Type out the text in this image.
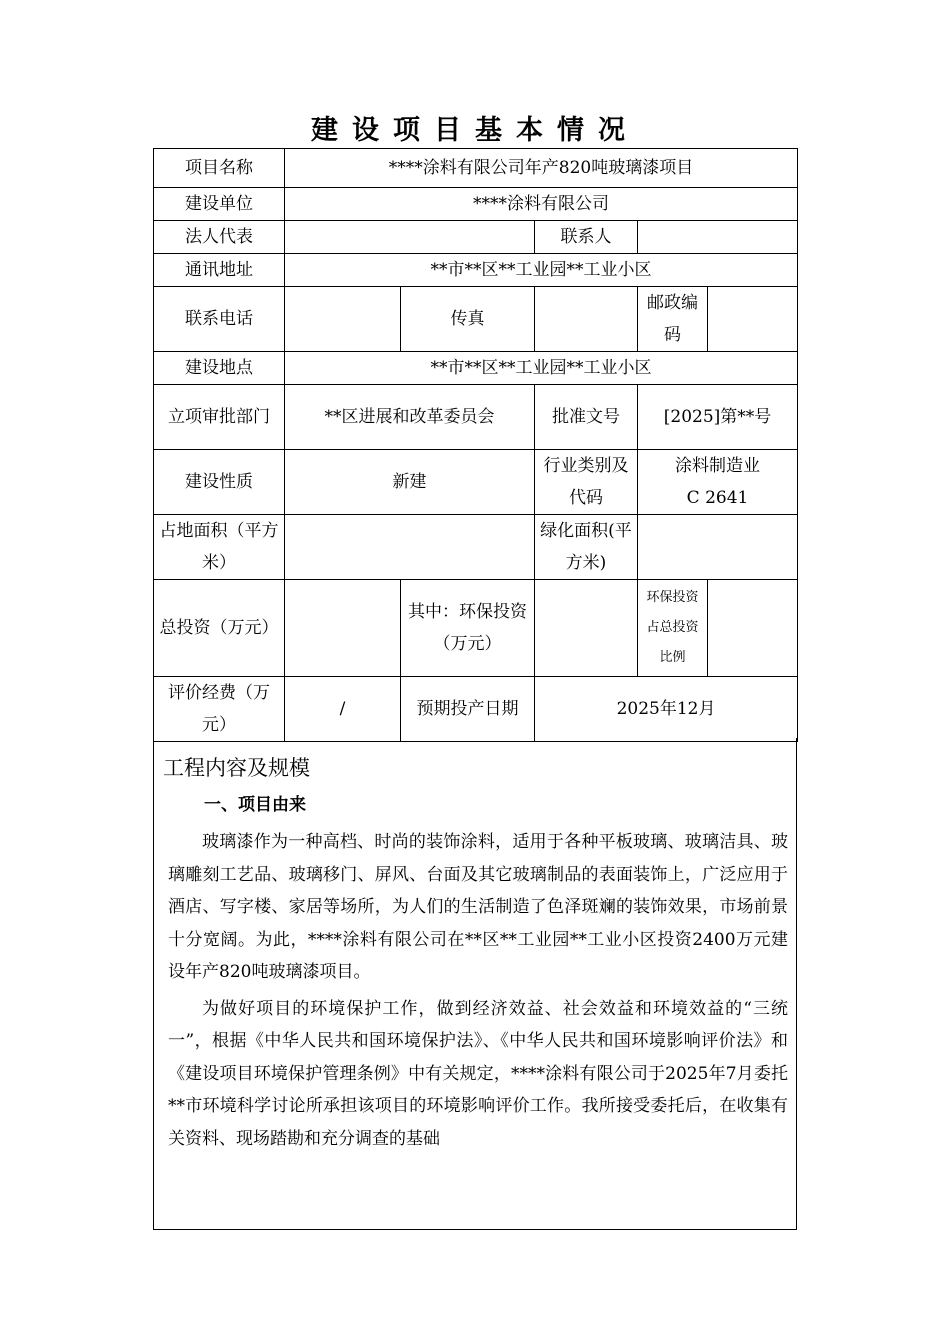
建设项目基本情况
项目名称	****涂料有限公司年产820吨玻璃漆项目				
建设单位	****涂料有限公司				
法人代表			联系人		
通讯地址	**市**区**工业园**工业小区				
联系电话		传真		邮政编码	
建设地点	**市**区**工业园**工业小区				
立项审批部门	**区进展和改革委员会		批准文号	[2025]第**号	
建设性质	新建		行业类别及代码	涂料制造业
C 2641	

占地面积（平方米）			绿化面积(平方米)		
总投资（万元）		其中：环保投资　　（万元）		环保投资占总投资比例	
评价经费（万元）	/	预期投产日期	2025年12月		
工程内容及规模
一、项目由来

玻璃漆作为一种高档、时尚的装饰涂料，适用于各种平板玻璃、玻璃洁具、玻璃雕刻工艺品、玻璃移门、屏风、台面及其它玻璃制品的表面装饰上，广泛应用于酒店、写字楼、家居等场所，为人们的生活制造了色泽斑斓的装饰效果，市场前景十分宽阔。为此，****涂料有限公司在**区**工业园**工业小区投资2400万元建设年产820吨玻璃漆项目。

为做好项目的环境保护工作，做到经济效益、社会效益和环境效益的“三统一”，根据《中华人民共和国环境保护法》、《中华人民共和国环境影响评价法》和《建设项目环境保护管理条例》中有关规定，****涂料有限公司于2025年7月委托**市环境科学讨论所承担该项目的环境影响评价工作。我所接受委托后，在收集有关资料、现场踏勘和充分调查的基础
